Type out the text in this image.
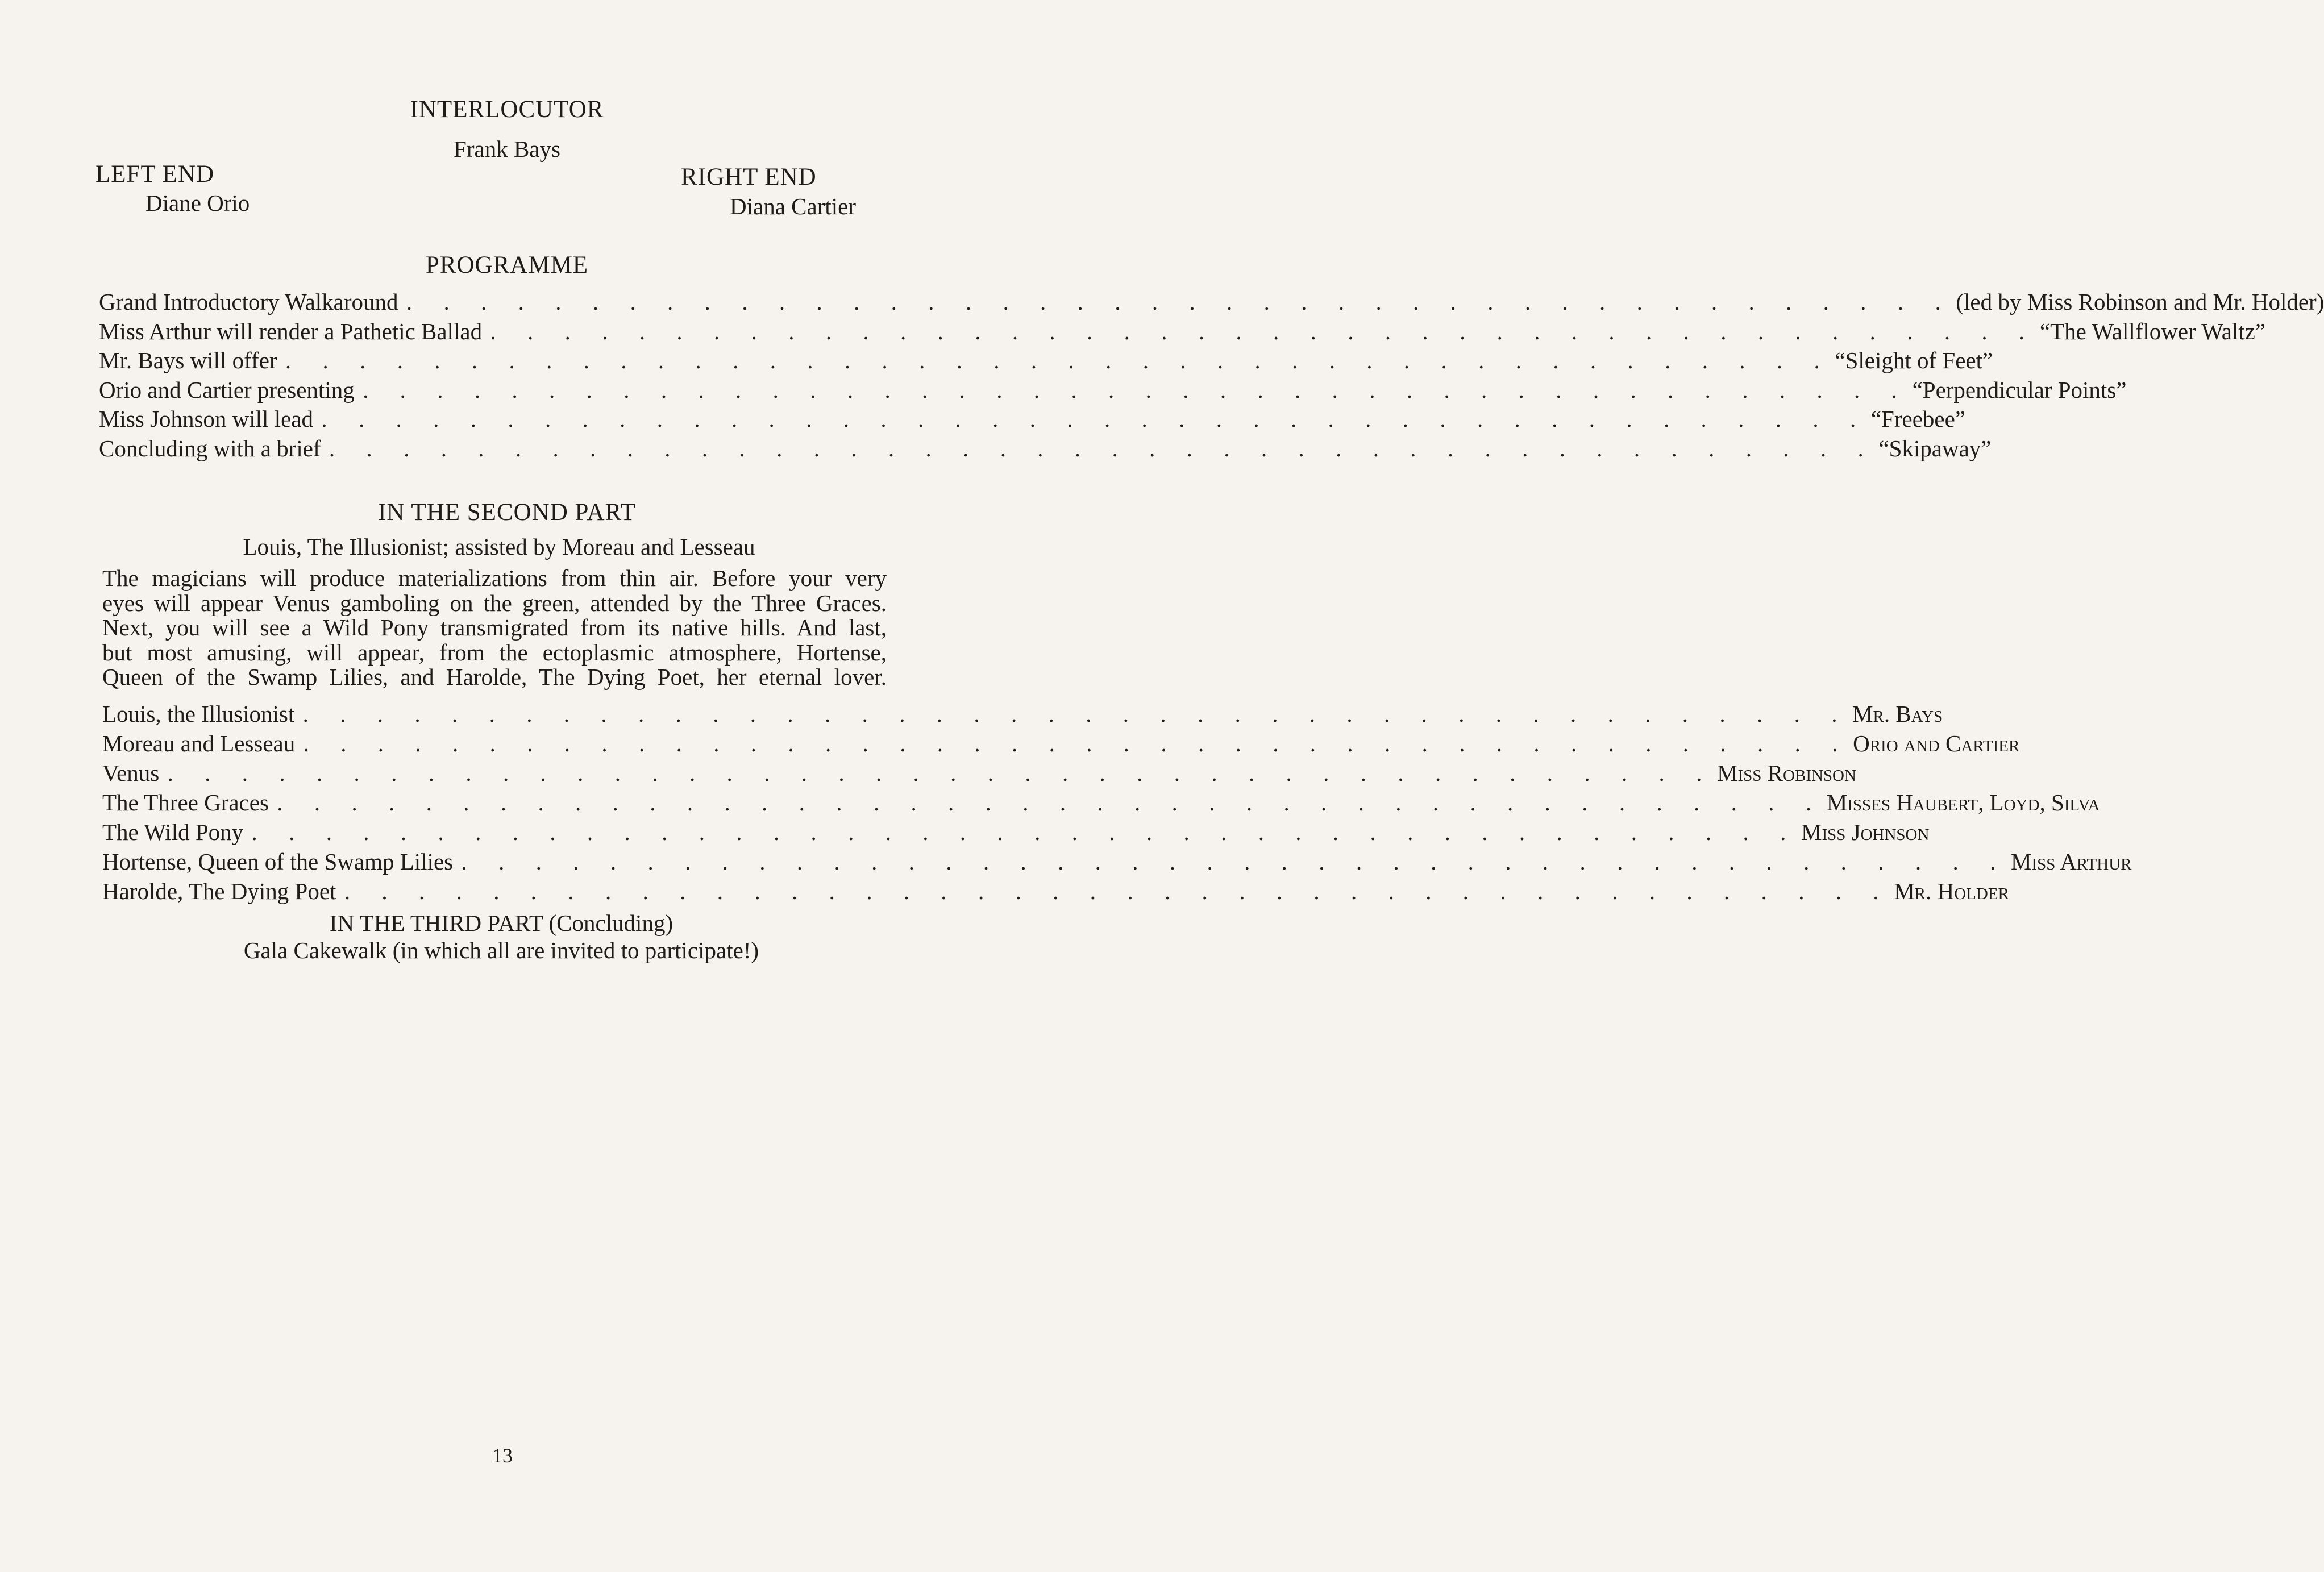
INTERLOCUTOR
Frank Bays
LEFT END
Diane Orio
RIGHT END
Diana Cartier
PROGRAMME
Grand Introductory Walkaround . . . . . . . . . . . . . . . . . . . . . . . . . . . . . . . . . . . . . . . . . . (led by Miss Robinson and Mr. Holder)
Miss Arthur will render a Pathetic Ballad . . . . . . . . . . . . . . . . . . . . . . . . . . . . . . . . . . . . . . . . . . “The Wallflower Waltz”
Mr. Bays will offer . . . . . . . . . . . . . . . . . . . . . . . . . . . . . . . . . . . . . . . . . . “Sleight of Feet”
Orio and Cartier presenting . . . . . . . . . . . . . . . . . . . . . . . . . . . . . . . . . . . . . . . . . . “Perpendicular Points”
Miss Johnson will lead . . . . . . . . . . . . . . . . . . . . . . . . . . . . . . . . . . . . . . . . . . “Freebee”
Concluding with a brief . . . . . . . . . . . . . . . . . . . . . . . . . . . . . . . . . . . . . . . . . . “Skipaway”
IN THE SECOND PART
Louis, The Illusionist; assisted by Moreau and Lesseau
The magicians will produce materializations from thin air. Before your very
eyes will appear Venus gamboling on the green, attended by the Three Graces.
Next, you will see a Wild Pony transmigrated from its native hills. And last,
but most amusing, will appear, from the ectoplasmic atmosphere, Hortense,
Queen of the Swamp Lilies, and Harolde, The Dying Poet, her eternal lover.
Louis, the Illusionist . . . . . . . . . . . . . . . . . . . . . . . . . . . . . . . . . . . . . . . . . . Mr. Bays
Moreau and Lesseau . . . . . . . . . . . . . . . . . . . . . . . . . . . . . . . . . . . . . . . . . . Orio and Cartier
Venus . . . . . . . . . . . . . . . . . . . . . . . . . . . . . . . . . . . . . . . . . . Miss Robinson
The Three Graces . . . . . . . . . . . . . . . . . . . . . . . . . . . . . . . . . . . . . . . . . . Misses Haubert, Loyd, Silva
The Wild Pony . . . . . . . . . . . . . . . . . . . . . . . . . . . . . . . . . . . . . . . . . . Miss Johnson
Hortense, Queen of the Swamp Lilies . . . . . . . . . . . . . . . . . . . . . . . . . . . . . . . . . . . . . . . . . . Miss Arthur
Harolde, The Dying Poet . . . . . . . . . . . . . . . . . . . . . . . . . . . . . . . . . . . . . . . . . . Mr. Holder
IN THE THIRD PART (Concluding)
Gala Cakewalk (in which all are invited to participate!)
13
